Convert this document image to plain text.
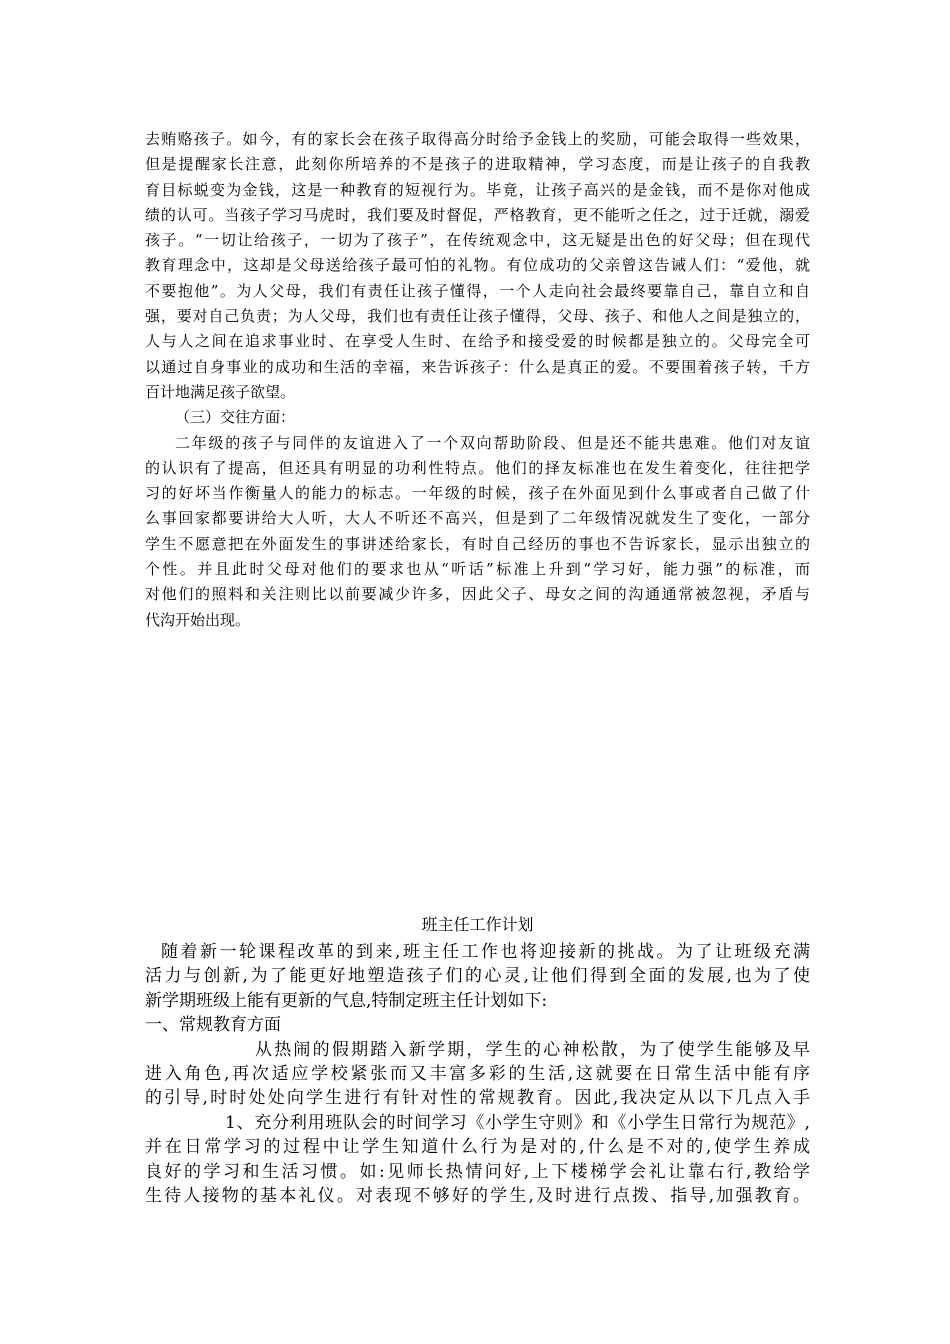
去贿赂孩子。如今，有的家长会在孩子取得高分时给予金钱上的奖励，可能会取得一些效果，
但是提醒家长注意，此刻你所培养的不是孩子的进取精神，学习态度，而是让孩子的自我教
育目标蜕变为金钱，这是一种教育的短视行为。毕竟，让孩子高兴的是金钱，而不是你对他成
绩的认可。当孩子学习马虎时，我们要及时督促，严格教育，更不能听之任之，过于迁就，溺爱
孩子。“一切让给孩子，一切为了孩子”，在传统观念中，这无疑是出色的好父母；但在现代
教育理念中，这却是父母送给孩子最可怕的礼物。有位成功的父亲曾这告诫人们：“爱他，就
不要抱他”。为人父母，我们有责任让孩子懂得，一个人走向社会最终要靠自己，靠自立和自
强，要对自己负责；为人父母，我们也有责任让孩子懂得，父母、孩子、和他人之间是独立的，
人与人之间在追求事业时、在享受人生时、在给予和接受爱的时候都是独立的。父母完全可
以通过自身事业的成功和生活的幸福，来告诉孩子：什么是真正的爱。不要围着孩子转，千方
百计地满足孩子欲望。
（三）交往方面：
二年级的孩子与同伴的友谊进入了一个双向帮助阶段、但是还不能共患难。他们对友谊
的认识有了提高，但还具有明显的功利性特点。他们的择友标准也在发生着变化，往往把学
习的好坏当作衡量人的能力的标志。一年级的时候，孩子在外面见到什么事或者自己做了什
么事回家都要讲给大人听，大人不听还不高兴，但是到了二年级情况就发生了变化，一部分
学生不愿意把在外面发生的事讲述给家长，有时自己经历的事也不告诉家长，显示出独立的
个性。并且此时父母对他们的要求也从“听话”标准上升到“学习好，能力强”的标准，而
对他们的照料和关注则比以前要减少许多，因此父子、母女之间的沟通通常被忽视，矛盾与
代沟开始出现。
班主任工作计划
随着新一轮课程改革的到来,班主任工作也将迎接新的挑战。为了让班级充满
活力与创新,为了能更好地塑造孩子们的心灵,让他们得到全面的发展,也为了使
新学期班级上能有更新的气息,特制定班主任计划如下:
一、常规教育方面
从热闹的假期踏入新学期，学生的心神松散，为了使学生能够及早
进入角色,再次适应学校紧张而又丰富多彩的生活,这就要在日常生活中能有序
的引导,时时处处向学生进行有针对性的常规教育。因此,我决定从以下几点入手
1、充分利用班队会的时间学习《小学生守则》和《小学生日常行为规范》,
并在日常学习的过程中让学生知道什么行为是对的,什么是不对的,使学生养成
良好的学习和生活习惯。如:见师长热情问好,上下楼梯学会礼让靠右行,教给学
生待人接物的基本礼仪。对表现不够好的学生,及时进行点拨、指导,加强教育。
